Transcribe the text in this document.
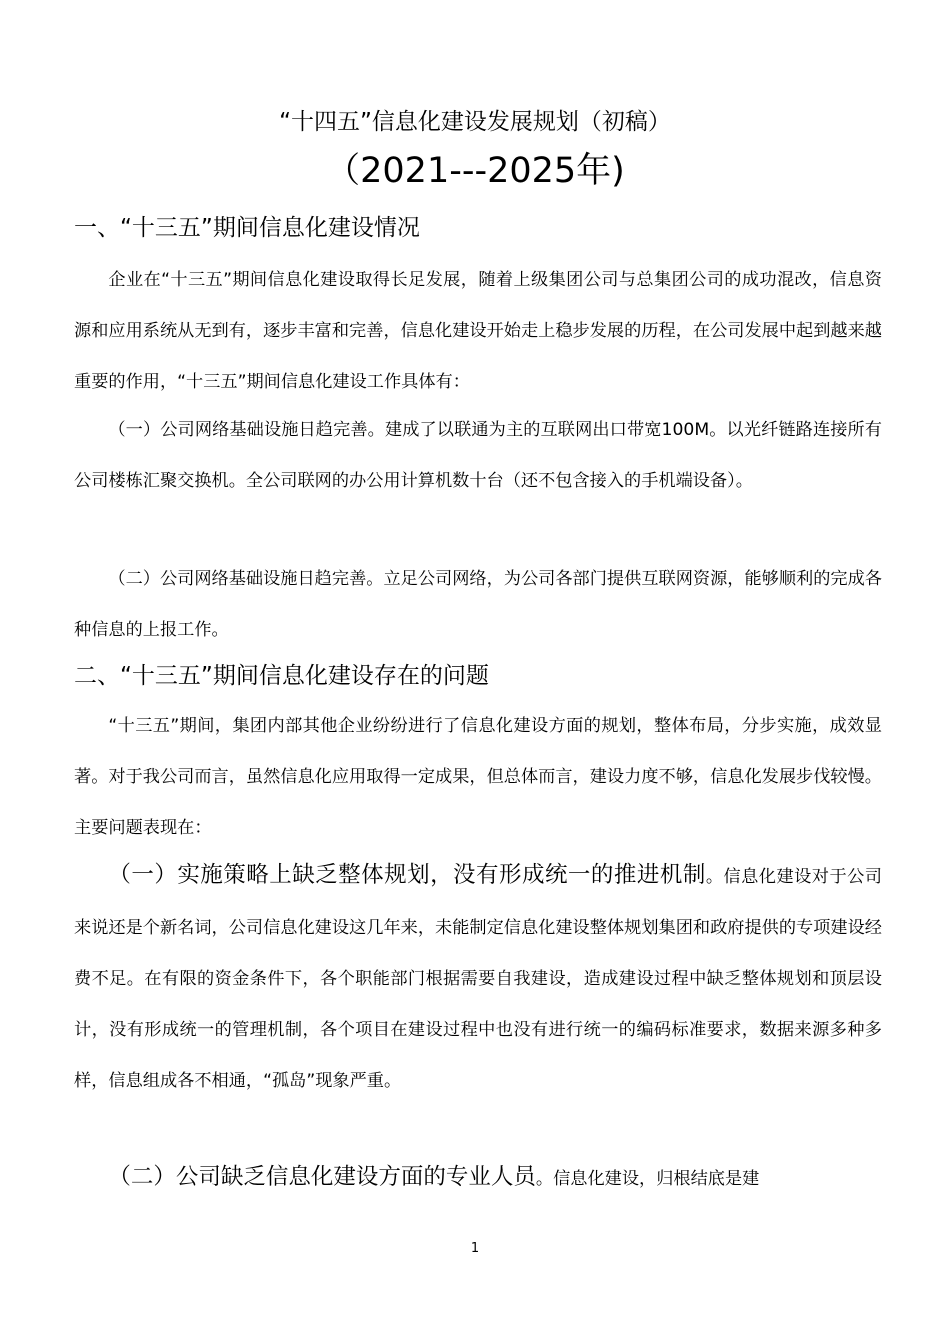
“十四五”信息化建设发展规划（初稿）
（2021---2025年)
一、“十三五”期间信息化建设情况
企业在“十三五”期间信息化建设取得长足发展，随着上级集团公司与总集团公司的成功混改，信息资源和应用系统从无到有，逐步丰富和完善，信息化建设开始走上稳步发展的历程，在公司发展中起到越来越重要的作用，“十三五”期间信息化建设工作具体有：
（一）公司网络基础设施日趋完善。建成了以联通为主的互联网出口带宽100M。以光纤链路连接所有公司楼栋汇聚交换机。全公司联网的办公用计算机数十台（还不包含接入的手机端设备）。
（二）公司网络基础设施日趋完善。立足公司网络，为公司各部门提供互联网资源，能够顺利的完成各种信息的上报工作。
二、“十三五”期间信息化建设存在的问题
“十三五”期间，集团内部其他企业纷纷进行了信息化建设方面的规划，整体布局，分步实施，成效显著。对于我公司而言，虽然信息化应用取得一定成果，但总体而言，建设力度不够，信息化发展步伐较慢。主要问题表现在：
（一）实施策略上缺乏整体规划，没有形成统一的推进机制。信息化建设对于公司来说还是个新名词，公司信息化建设这几年来，未能制定信息化建设整体规划集团和政府提供的专项建设经费不足。在有限的资金条件下，各个职能部门根据需要自我建设，造成建设过程中缺乏整体规划和顶层设计，没有形成统一的管理机制，各个项目在建设过程中也没有进行统一的编码标准要求，数据来源多种多样，信息组成各不相通，“孤岛”现象严重。
（二）公司缺乏信息化建设方面的专业人员。信息化建设，归根结底是建
1
